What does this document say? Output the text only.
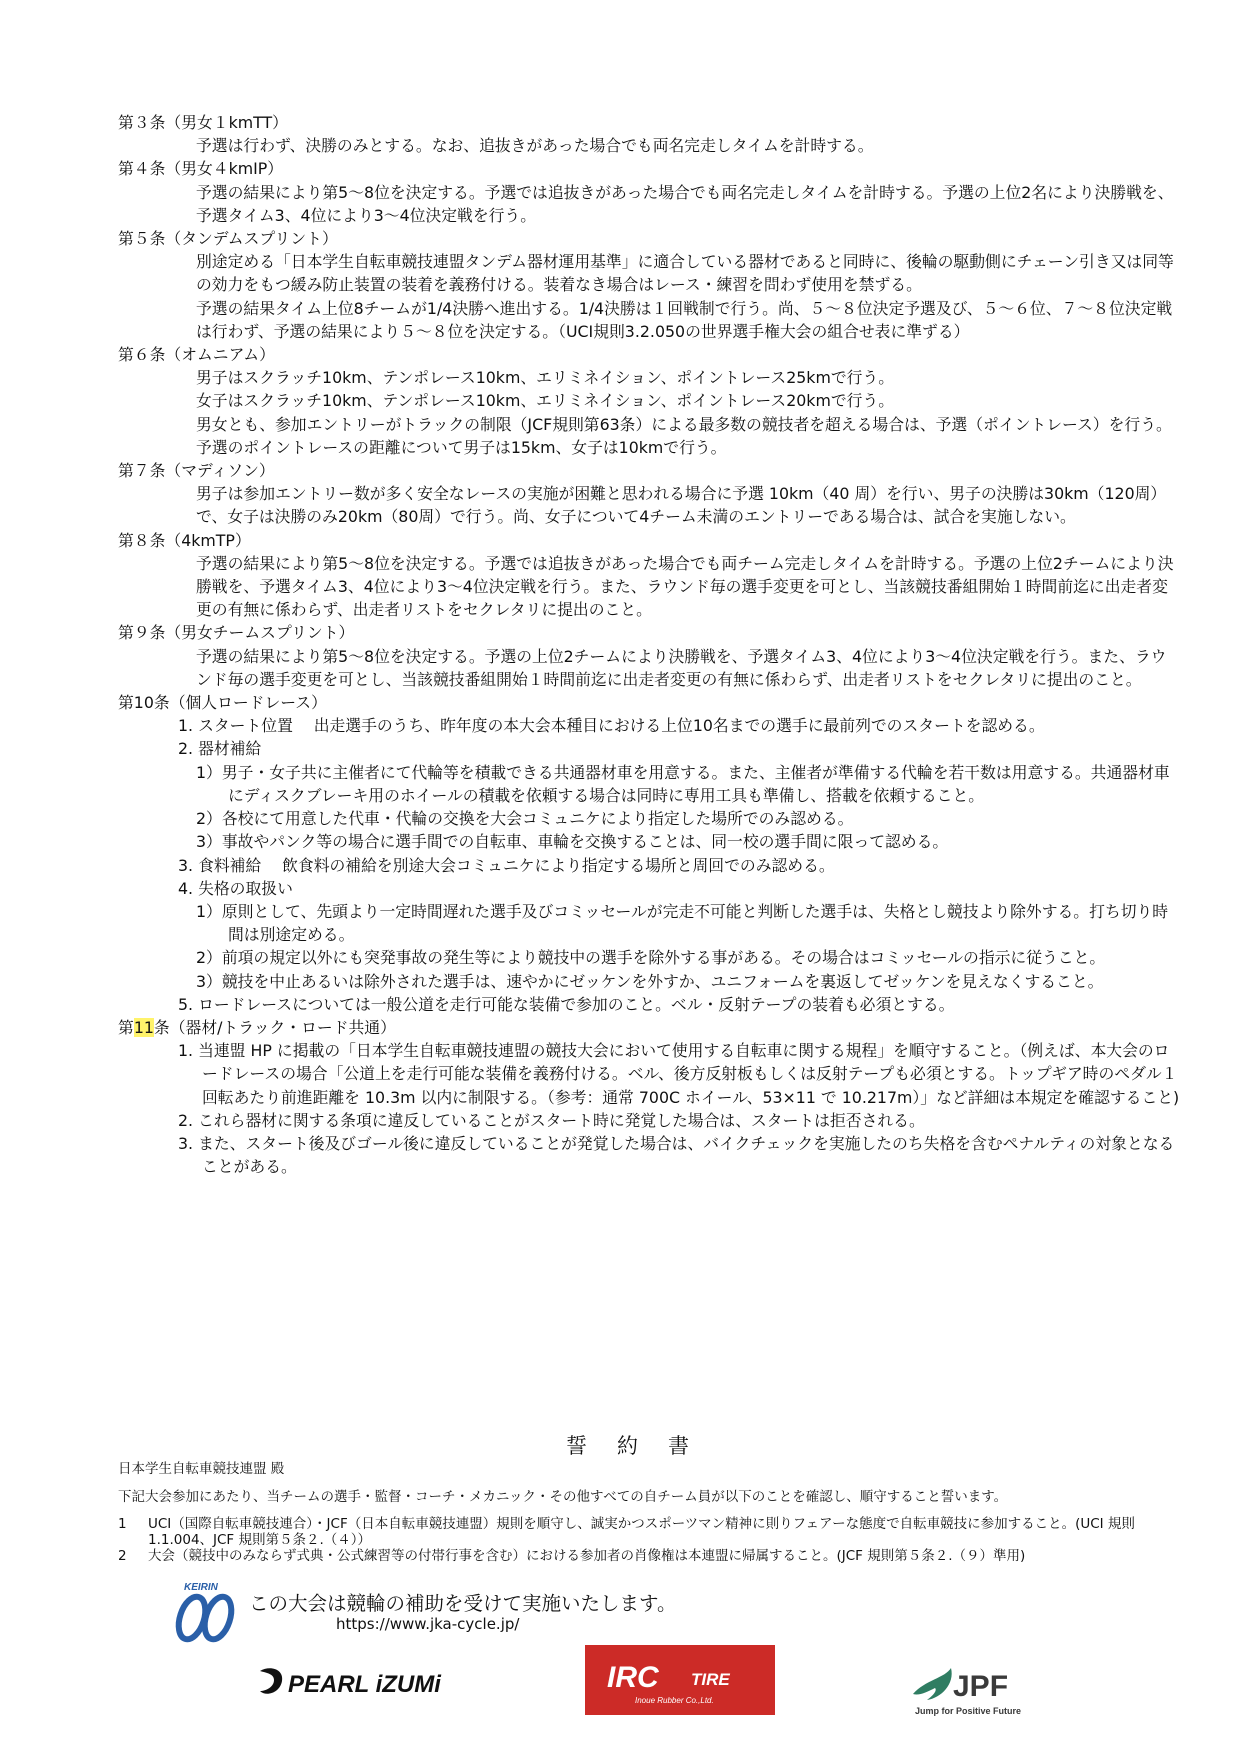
第３条（男女１kmTT）

予選は行わず、決勝のみとする。なお、追抜きがあった場合でも両名完走しタイムを計時する。

第４条（男女４kmIP）

予選の結果により第5～8位を決定する。予選では追抜きがあった場合でも両名完走しタイムを計時する。予選の上位2名により決勝戦を、予選タイム3、4位により3～4位決定戦を行う。

第５条（タンデムスプリント）

別途定める「日本学生自転車競技連盟タンデム器材運用基準」に適合している器材であると同時に、後輪の駆動側にチェーン引き又は同等の効力をもつ緩み防止装置の装着を義務付ける。装着なき場合はレース・練習を問わず使用を禁ずる。

予選の結果タイム上位8チームが1/4決勝へ進出する。1/4決勝は１回戦制で行う。尚、５～８位決定予選及び、５～６位、７～８位決定戦は行わず、予選の結果により５～８位を決定する。（UCI規則3.2.050の世界選手権大会の組合せ表に準ずる）

第６条（オムニアム）

男子はスクラッチ10km、テンポレース10km、エリミネイション、ポイントレース25kmで行う。

女子はスクラッチ10km、テンポレース10km、エリミネイション、ポイントレース20kmで行う。

男女とも、参加エントリーがトラックの制限（JCF規則第63条）による最多数の競技者を超える場合は、予選（ポイントレース）を行う。予選のポイントレースの距離について男子は15km、女子は10kmで行う。

第７条（マディソン）

男子は参加エントリー数が多く安全なレースの実施が困難と思われる場合に予選 10km（40 周）を行い、男子の決勝は30km（120周）で、女子は決勝のみ20km（80周）で行う。尚、女子について4チーム未満のエントリーである場合は、試合を実施しない。

第８条（4kmTP）

予選の結果により第5～8位を決定する。予選では追抜きがあった場合でも両チーム完走しタイムを計時する。予選の上位2チームにより決勝戦を、予選タイム3、4位により3～4位決定戦を行う。また、ラウンド毎の選手変更を可とし、当該競技番組開始１時間前迄に出走者変更の有無に係わらず、出走者リストをセクレタリに提出のこと。

第９条（男女チームスプリント）

予選の結果により第5～8位を決定する。予選の上位2チームにより決勝戦を、予選タイム3、4位により3～4位決定戦を行う。また、ラウンド毎の選手変更を可とし、当該競技番組開始１時間前迄に出走者変更の有無に係わらず、出走者リストをセクレタリに提出のこと。

第10条（個人ロードレース）

1. スタート位置　 出走選手のうち、昨年度の本大会本種目における上位10名までの選手に最前列でのスタートを認める。

2. 器材補給

1）男子・女子共に主催者にて代輪等を積載できる共通器材車を用意する。また、主催者が準備する代輪を若干数は用意する。共通器材車にディスクブレーキ用のホイールの積載を依頼する場合は同時に専用工具も準備し、搭載を依頼すること。

2）各校にて用意した代車・代輪の交換を大会コミュニケにより指定した場所でのみ認める。

3）事故やパンク等の場合に選手間での自転車、車輪を交換することは、同一校の選手間に限って認める。

3. 食料補給　 飲食料の補給を別途大会コミュニケにより指定する場所と周回でのみ認める。

4. 失格の取扱い

1）原則として、先頭より一定時間遅れた選手及びコミッセールが完走不可能と判断した選手は、失格とし競技より除外する。打ち切り時間は別途定める。

2）前項の規定以外にも突発事故の発生等により競技中の選手を除外する事がある。その場合はコミッセールの指示に従うこと。

3）競技を中止あるいは除外された選手は、速やかにゼッケンを外すか、ユニフォームを裏返してゼッケンを見えなくすること。

5. ロードレースについては一般公道を走行可能な装備で参加のこと。ベル・反射テープの装着も必須とする。

第11条（器材/トラック・ロード共通）

1. 当連盟 HP に掲載の「日本学生自転車競技連盟の競技大会において使用する自転車に関する規程」を順守すること。（例えば、本大会のロードレースの場合「公道上を走行可能な装備を義務付ける。ベル、後方反射板もしくは反射テープも必須とする。トップギア時のペダル１回転あたり前進距離を 10.3m 以内に制限する。（参考：通常 700C ホイール、53×11 で 10.217m）」など詳細は本規定を確認すること)

2. これら器材に関する条項に違反していることがスタート時に発覚した場合は、スタートは拒否される。

3. また、スタート後及びゴール後に違反していることが発覚した場合は、バイクチェックを実施したのち失格を含むペナルティの対象となることがある。

誓約書
日本学生自転車競技連盟 殿
下記大会参加にあたり、当チームの選手・監督・コーチ・メカニック・その他すべての自チーム員が以下のことを確認し、順守すること誓います。
1	UCI（国際自転車競技連合）・JCF（日本自転車競技連盟）規則を順守し、誠実かつスポーツマン精神に則りフェアーな態度で自転車競技に参加すること。(UCI 規則 1.1.004、JCF 規則第５条２.（４））
2	大会（競技中のみならず式典・公式練習等の付帯行事を含む）における参加者の肖像権は本連盟に帰属すること。(JCF 規則第５条２.（９）準用)
KEIRIN
この大会は競輪の補助を受けて実施いたします。
https://www.jka-cycle.jp/
PEARL iZUMi	IRC TIRE
Inoue Rubber Co.,Ltd.	JPF
Jump for Positive Future
